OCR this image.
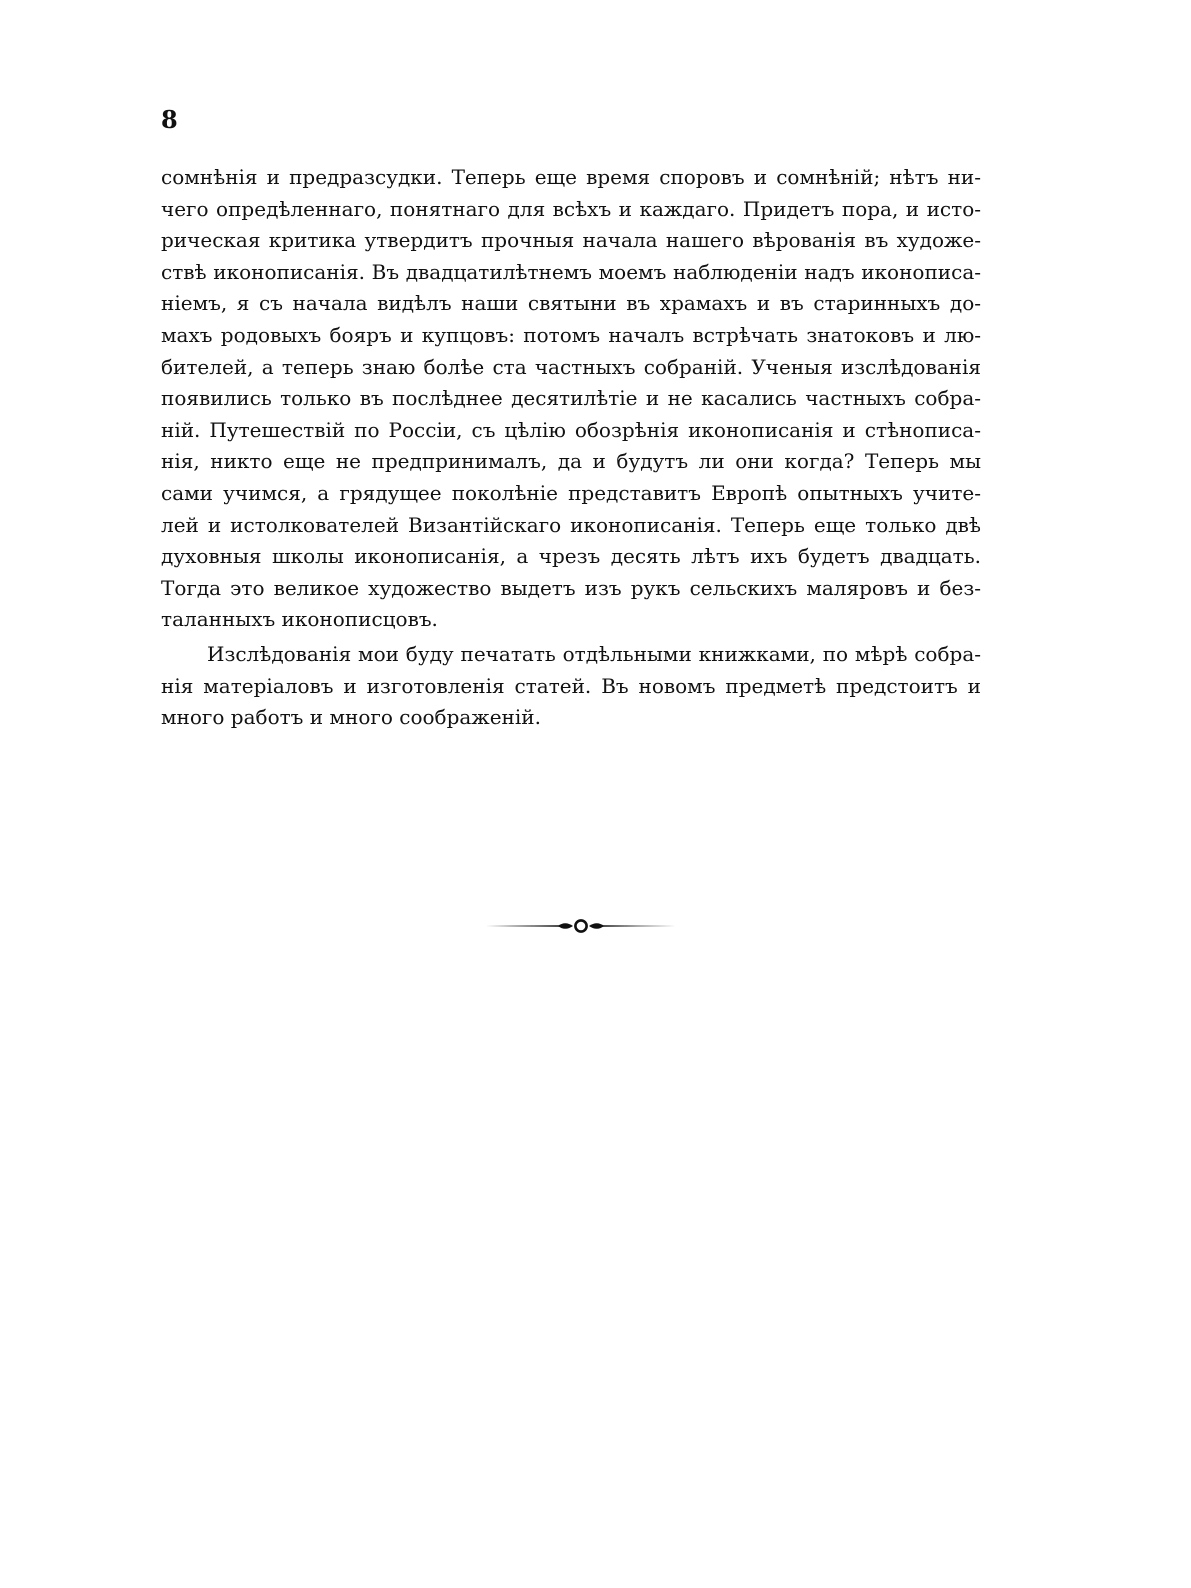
8
сомнѣнія и предразсудки. Теперь еще время споровъ и сомнѣній; нѣтъ ни-
чего опредѣленнаго, понятнаго для всѣхъ и каждаго. Придетъ пора, и исто-
рическая критика утвердитъ прочныя начала нашего вѣрованія въ художе-
ствѣ иконописанія. Въ двадцатилѣтнемъ моемъ наблюденіи надъ иконописа-
ніемъ, я съ начала видѣлъ наши святыни въ храмахъ и въ старинныхъ до-
махъ родовыхъ бояръ и купцовъ: потомъ началъ встрѣчать знатоковъ и лю-
бителей, а теперь знаю болѣе ста частныхъ собраній. Ученыя изслѣдованія
появились только въ послѣднее десятилѣтіе и не касались частныхъ собра-
ній. Путешествій по Россіи, съ цѣлію обозрѣнія иконописанія и стѣнописа-
нія, никто еще не предпринималъ, да и будутъ ли они когда? Теперь мы
сами учимся, а грядущее поколѣніе представитъ Европѣ опытныхъ учите-
лей и истолкователей Византійскаго иконописанія. Теперь еще только двѣ
духовныя школы иконописанія, а чрезъ десять лѣтъ ихъ будетъ двадцать.
Тогда это великое художество выдетъ изъ рукъ сельскихъ маляровъ и без-
таланныхъ иконописцовъ.
Изслѣдованія мои буду печатать отдѣльными книжками, по мѣрѣ собра-
нія матеріаловъ и изготовленія статей. Въ новомъ предметѣ предстоитъ и
много работъ и много соображеній.
